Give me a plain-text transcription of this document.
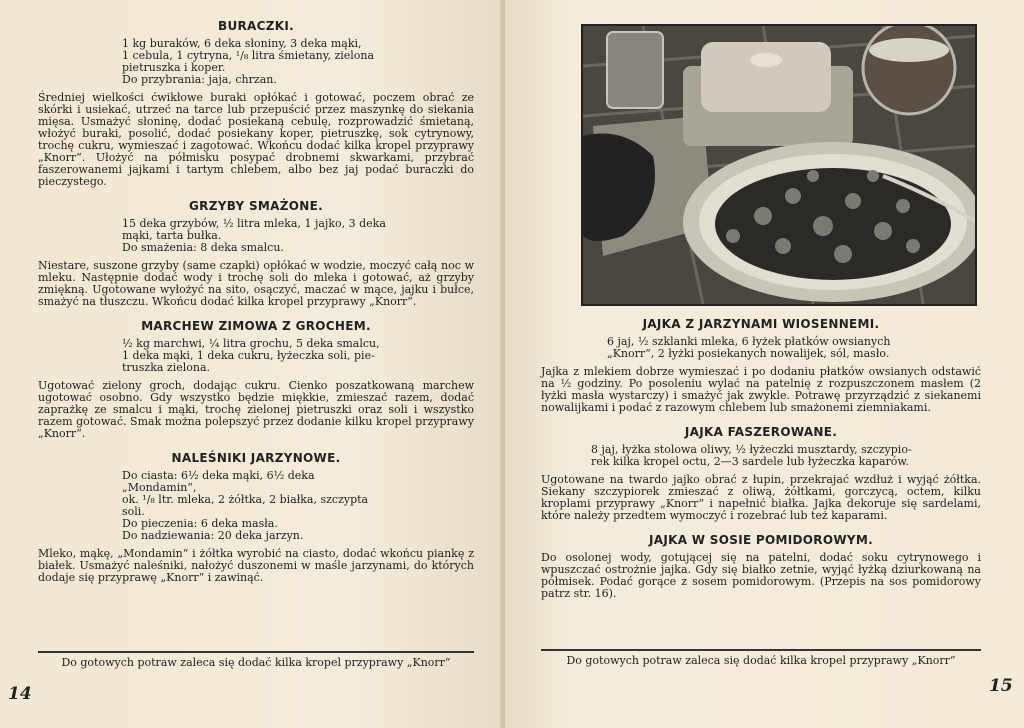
BURACZKI.
1 kg buraków, 6 deka słoniny, 3 deka mąki,
1 cebula, 1 cytryna, ¹/₈ litra śmietany, zielona
pietruszka i koper.
Do przybrania: jaja, chrzan.
Średniej wielkości ćwikłowe buraki opłókać i gotować, poczem obrać ze skórki i usiekać, utrzeć na tarce lub przepuścić przez maszynkę do siekania mięsa. Usmażyć słoninę, dodać posiekaną cebulę, rozprowadzić śmietaną, włożyć buraki, posolić, dodać posiekany koper, pietruszkę, sok cytrynowy, trochę cukru, wymieszać i zagotować. Wkońcu dodać kilka kropel przyprawy „Knorr“. Ułożyć na półmisku posypać drobnemi skwarkami, przybrać faszerowanemi jajkami i tartym chlebem, albo bez jaj podać buraczki do pieczystego.
GRZYBY SMAŻONE.
15 deka grzybów, ½ litra mleka, 1 jajko, 3 deka
mąki, tarta bułka.
Do smażenia: 8 deka smalcu.
Niestare, suszone grzyby (same czapki) opłókać w wodzie, moczyć całą noc w mleku. Następnie dodać wody i trochę soli do mleka i gotować, aż grzyby zmiękną. Ugotowane wyłożyć na sito, osączyć, maczać w mące, jajku i bułce, smażyć na tłuszczu. Wkońcu dodać kilka kropel przyprawy „Knorr“.
MARCHEW ZIMOWA Z GROCHEM.
½ kg marchwi, ¼ litra grochu, 5 deka smalcu,
1 deka mąki, 1 deka cukru, łyżeczka soli, pie-
truszka zielona.
Ugotować zielony groch, dodając cukru. Cienko poszatkowaną marchew ugotować osobno. Gdy wszystko będzie miękkie, zmieszać razem, dodać zaprażkę ze smalcu i mąki, trochę zielonej pietruszki oraz soli i wszystko razem gotować. Smak można polepszyć przez dodanie kilku kropel przyprawy „Knorr“.
NALEŚNIKI JARZYNOWE.
Do ciasta: 6½ deka mąki, 6½ deka „Mondamin“,
ok. ¹/₈ ltr. mleka, 2 żółtka, 2 białka, szczypta soli.
Do pieczenia: 6 deka masła.
Do nadziewania: 20 deka jarzyn.
Mleko, mąkę, „Mondamin“ i żółtka wyrobić na ciasto, dodać wkońcu piankę z białek. Usmażyć naleśniki, nałożyć duszonemi w maśle jarzynami, do których dodaje się przyprawę „Knorr“ i zawinąć.
Do gotowych potraw zaleca się dodać kilka kropel przyprawy „Knorr“
14
JAJKA Z JARZYNAMI WIOSENNEMI.
6 jaj, ½ szklanki mleka, 6 łyżek płatków owsianych
„Knorr“, 2 łyżki posiekanych nowalijek, sól, masło.
Jajka z mlekiem dobrze wymieszać i po dodaniu płatków owsianych odstawić na ½ godziny. Po posoleniu wylać na patelnię z rozpuszczonem masłem (2 łyżki masła wystarczy) i smażyć jak zwykle. Potrawę przyrządzić z siekanemi nowalijkami i podać z razowym chlebem lub smażonemi ziemniakami.
JAJKA FASZEROWANE.
8 jaj, łyżka stolowa oliwy, ½ łyżeczki musztardy, szczypio-
rek kilka kropel octu, 2—3 sardele lub łyżeczka kaparów.
Ugotowane na twardo jajko obrać z łupin, przekrajać wzdłuż i wyjąć żółtka. Siekany szczypiorek zmieszać z oliwą, żółtkami, gorczycą, octem, kilku kroplami przyprawy „Knorr“ i napełnić białka. Jajka dekoruje się sardelami, które należy przedtem wymoczyć i rozebrać lub też kaparami.
JAJKA W SOSIE POMIDOROWYM.
Do osolonej wody, gotującej się na patelni, dodać soku cytrynowego i wpuszczać ostrożnie jajka. Gdy się białko zetnie, wyjąć łyżką dziurkowaną na półmisek. Podać gorące z sosem pomidorowym. (Przepis na sos pomidorowy patrz str. 16).
Do gotowych potraw zaleca się dodać kilka kropel przyprawy „Knorr“
15
